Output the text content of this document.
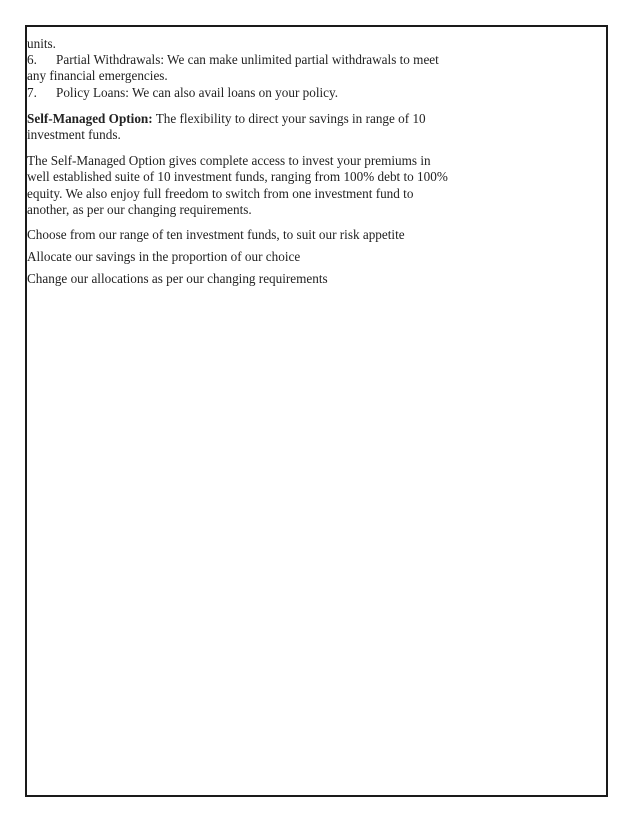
units.

6. Partial Withdrawals: We can make unlimited partial withdrawals to meet

any financial emergencies.

7. Policy Loans: We can also avail loans on your policy.

Self-Managed Option: The flexibility to direct your savings in range of 10

investment funds.

The Self-Managed Option gives complete access to invest your premiums in

well established suite of 10 investment funds, ranging from 100% debt to 100%

equity. We also enjoy full freedom to switch from one investment fund to

another, as per our changing requirements.

Choose from our range of ten investment funds, to suit our risk appetite

Allocate our savings in the proportion of our choice

Change our allocations as per our changing requirements
